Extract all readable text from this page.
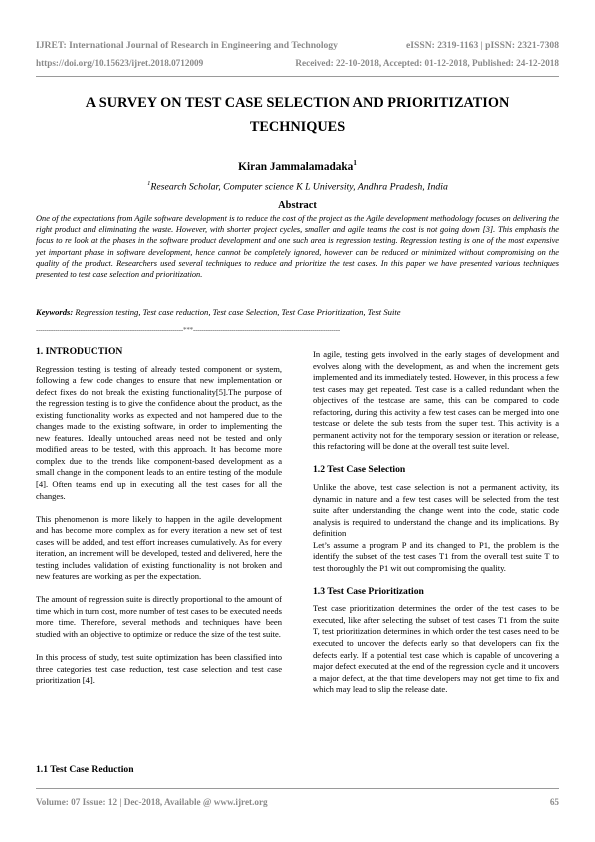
IJRET: International Journal of Research in Engineering and Technology	eISSN: 2319-1163 | pISSN: 2321-7308
https://doi.org/10.15623/ijret.2018.0712009	Received: 22-10-2018, Accepted: 01-12-2018, Published: 24-12-2018
A SURVEY ON TEST CASE SELECTION AND PRIORITIZATION
TECHNIQUES
Kiran Jammalamadaka$^1$
$^1$Research Scholar, Computer science K L University, Andhra Pradesh, India
Abstract
One of the expectations from Agile software development is to reduce the cost of the project as the Agile development methodology focuses on delivering the right product and eliminating the waste. However, with shorter project cycles, smaller and agile teams the cost is not going down [3]. This emphasis the focus to re look at the phases in the software product development and one such area is regression testing. Regression testing is one of the most expensive yet important phase in software development, hence cannot be completely ignored, however can be reduced or minimized without compromising on the quality of the product. Researchers used several techniques to reduce and prioritize the test cases. In this paper we have presented various techniques presented to test case selection and prioritization.
Keywords: Regression testing, Test case reduction, Test case Selection, Test Case Prioritization, Test Suite
---------------------------------------------------------------------***---------------------------------------------------------------------
1. INTRODUCTION

Regression testing is testing of already tested component or system, following a few code changes to ensure that new implementation or defect fixes do not break the existing functionality[5].The purpose of the regression testing is to give the confidence about the product, as the existing functionality works as expected and not hampered due to the changes made to the existing software, in order to implementing the new features. Ideally untouched areas need not be tested and only modified areas to be tested, with this approach. It has become more complex due to the trends like component-based development as a small change in the component leads to an entire testing of the module [4]. Often teams end up in executing all the test cases for all the changes.

This phenomenon is more likely to happen in the agile development and has become more complex as for every iteration a new set of test cases will be added, and test effort increases cumulatively. As for every iteration, an increment will be developed, tested and delivered, here the testing includes validation of existing functionality is not broken and new features are working as per the expectation.

The amount of regression suite is directly proportional to the amount of time which in turn cost, more number of test cases to be executed needs more time. Therefore, several methods and techniques have been studied with an objective to optimize or reduce the size of the test suite.

In this process of study, test suite optimization has been classified into three categories test case reduction, test case selection and test case prioritization [4].

1.1 Test Case Reduction

In agile, testing gets involved in the early stages of development and evolves along with the development, as and when the increment gets implemented and its immediately tested. However, in this process a few test cases may get repeated. Test case is a called redundant when the objectives of the testcase are same, this can be compared to code refactoring, during this activity a few test cases can be merged into one testcase or delete the sub tests from the super test. This activity is a permanent activity not for the temporary session or iteration or release, this refactoring will be done at the overall test suite level.

1.2 Test Case Selection

Unlike the above, test case selection is not a permanent activity, its dynamic in nature and a few test cases will be selected from the test suite after understanding the change went into the code, static code analysis is required to understand the change and its implications. By definition

Let’s assume a program P and its changed to P1, the problem is the identify the subset of the test cases T1 from the overall test suite T to test thoroughly the P1 wit out compromising the quality.

1.3 Test Case Prioritization

Test case prioritization determines the order of the test cases to be executed, like after selecting the subset of test cases T1 from the suite T, test prioritization determines in which order the test cases need to be executed to uncover the defects early so that developers can fix the defects early. If a potential test case which is capable of uncovering a major defect executed at the end of the regression cycle and it uncovers a major defect, at the that time developers may not get time to fix and which may lead to slip the release date.

Volume: 07 Issue: 12 | Dec-2018, Available @ www.ijret.org	65
